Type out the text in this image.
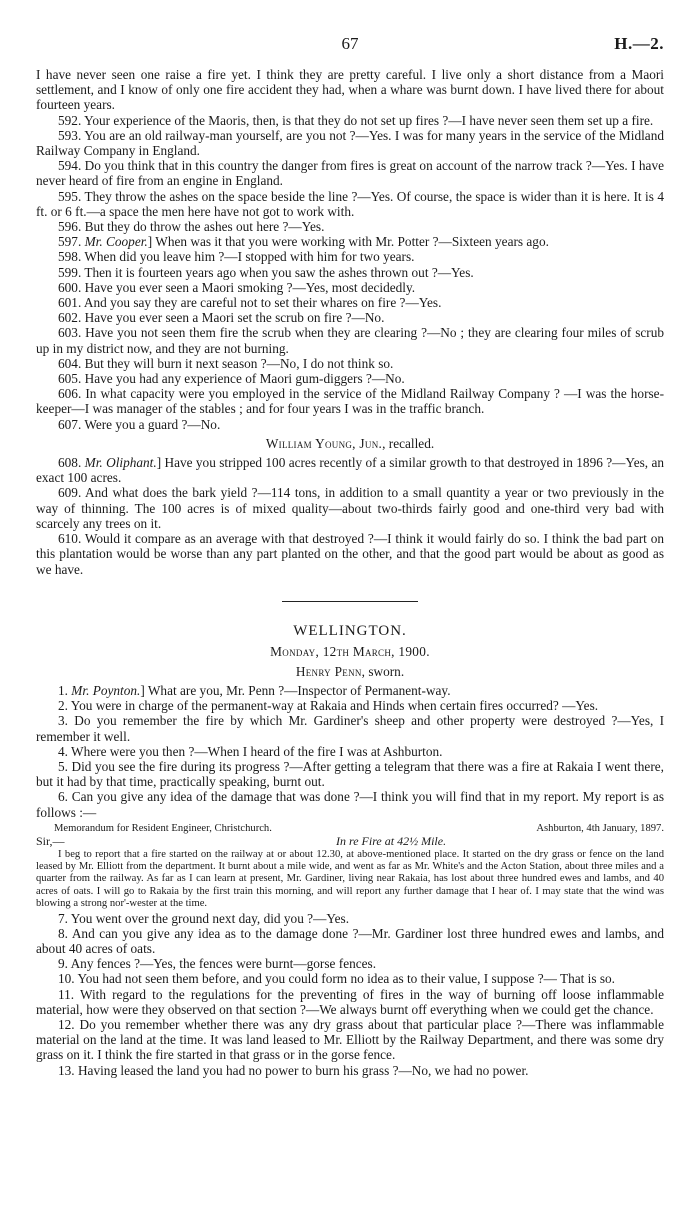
67	H.—2.

I have never seen one raise a fire yet. I think they are pretty careful. I live only a short distance from a Maori settlement, and I know of only one fire accident they had, when a whare was burnt down. I have lived there for about fourteen years.

592. Your experience of the Maoris, then, is that they do not set up fires ?—I have never seen them set up a fire.

593. You are an old railway-man yourself, are you not ?—Yes. I was for many years in the service of the Midland Railway Company in England.

594. Do you think that in this country the danger from fires is great on account of the narrow track ?—Yes. I have never heard of fire from an engine in England.

595. They throw the ashes on the space beside the line ?—Yes. Of course, the space is wider than it is here. It is 4 ft. or 6 ft.—a space the men here have not got to work with.

596. But they do throw the ashes out here ?—Yes.

597. Mr. Cooper.] When was it that you were working with Mr. Potter ?—Sixteen years ago.

598. When did you leave him ?—I stopped with him for two years.

599. Then it is fourteen years ago when you saw the ashes thrown out ?—Yes.

600. Have you ever seen a Maori smoking ?—Yes, most decidedly.

601. And you say they are careful not to set their whares on fire ?—Yes.

602. Have you ever seen a Maori set the scrub on fire ?—No.

603. Have you not seen them fire the scrub when they are clearing ?—No ; they are clearing four miles of scrub up in my district now, and they are not burning.

604. But they will burn it next season ?—No, I do not think so.

605. Have you had any experience of Maori gum-diggers ?—No.

606. In what capacity were you employed in the service of the Midland Railway Company ? —I was the horse-keeper—I was manager of the stables ; and for four years I was in the traffic branch.

607. Were you a guard ?—No.

William Young, Jun., recalled.

608. Mr. Oliphant.] Have you stripped 100 acres recently of a similar growth to that destroyed in 1896 ?—Yes, an exact 100 acres.

609. And what does the bark yield ?—114 tons, in addition to a small quantity a year or two previously in the way of thinning. The 100 acres is of mixed quality—about two-thirds fairly good and one-third very bad with scarcely any trees on it.

610. Would it compare as an average with that destroyed ?—I think it would fairly do so. I think the bad part on this plantation would be worse than any part planted on the other, and that the good part would be about as good as we have.

WELLINGTON.
Monday, 12th March, 1900.

Henry Penn, sworn.

1. Mr. Poynton.] What are you, Mr. Penn ?—Inspector of Permanent-way.

2. You were in charge of the permanent-way at Rakaia and Hinds when certain fires occurred? —Yes.

3. Do you remember the fire by which Mr. Gardiner's sheep and other property were destroyed ?—Yes, I remember it well.

4. Where were you then ?—When I heard of the fire I was at Ashburton.

5. Did you see the fire during its progress ?—After getting a telegram that there was a fire at Rakaia I went there, but it had by that time, practically speaking, burnt out.

6. Can you give any idea of the damage that was done ?—I think you will find that in my report. My report is as follows :—

Memorandum for Resident Engineer, Christchurch.	Ashburton, 4th January, 1897.
Sir,—	In re Fire at 42½ Mile.
I beg to report that a fire started on the railway at or about 12.30, at above-mentioned place. It started on the dry grass or fence on the land leased by Mr. Elliott from the department. It burnt about a mile wide, and went as far as Mr. White's and the Acton Station, about three miles and a quarter from the railway. As far as I can learn at present, Mr. Gardiner, living near Rakaia, has lost about three hundred ewes and lambs, and 40 acres of oats. I will go to Rakaia by the first train this morning, and will report any further damage that I hear of. I may state that the wind was blowing a strong nor'-wester at the time.

7. You went over the ground next day, did you ?—Yes.

8. And can you give any idea as to the damage done ?—Mr. Gardiner lost three hundred ewes and lambs, and about 40 acres of oats.

9. Any fences ?—Yes, the fences were burnt—gorse fences.

10. You had not seen them before, and you could form no idea as to their value, I suppose ?— That is so.

11. With regard to the regulations for the preventing of fires in the way of burning off loose inflammable material, how were they observed on that section ?—We always burnt off everything when we could get the chance.

12. Do you remember whether there was any dry grass about that particular place ?—There was inflammable material on the land at the time. It was land leased to Mr. Elliott by the Railway Department, and there was some dry grass on it. I think the fire started in that grass or in the gorse fence.

13. Having leased the land you had no power to burn his grass ?—No, we had no power.
